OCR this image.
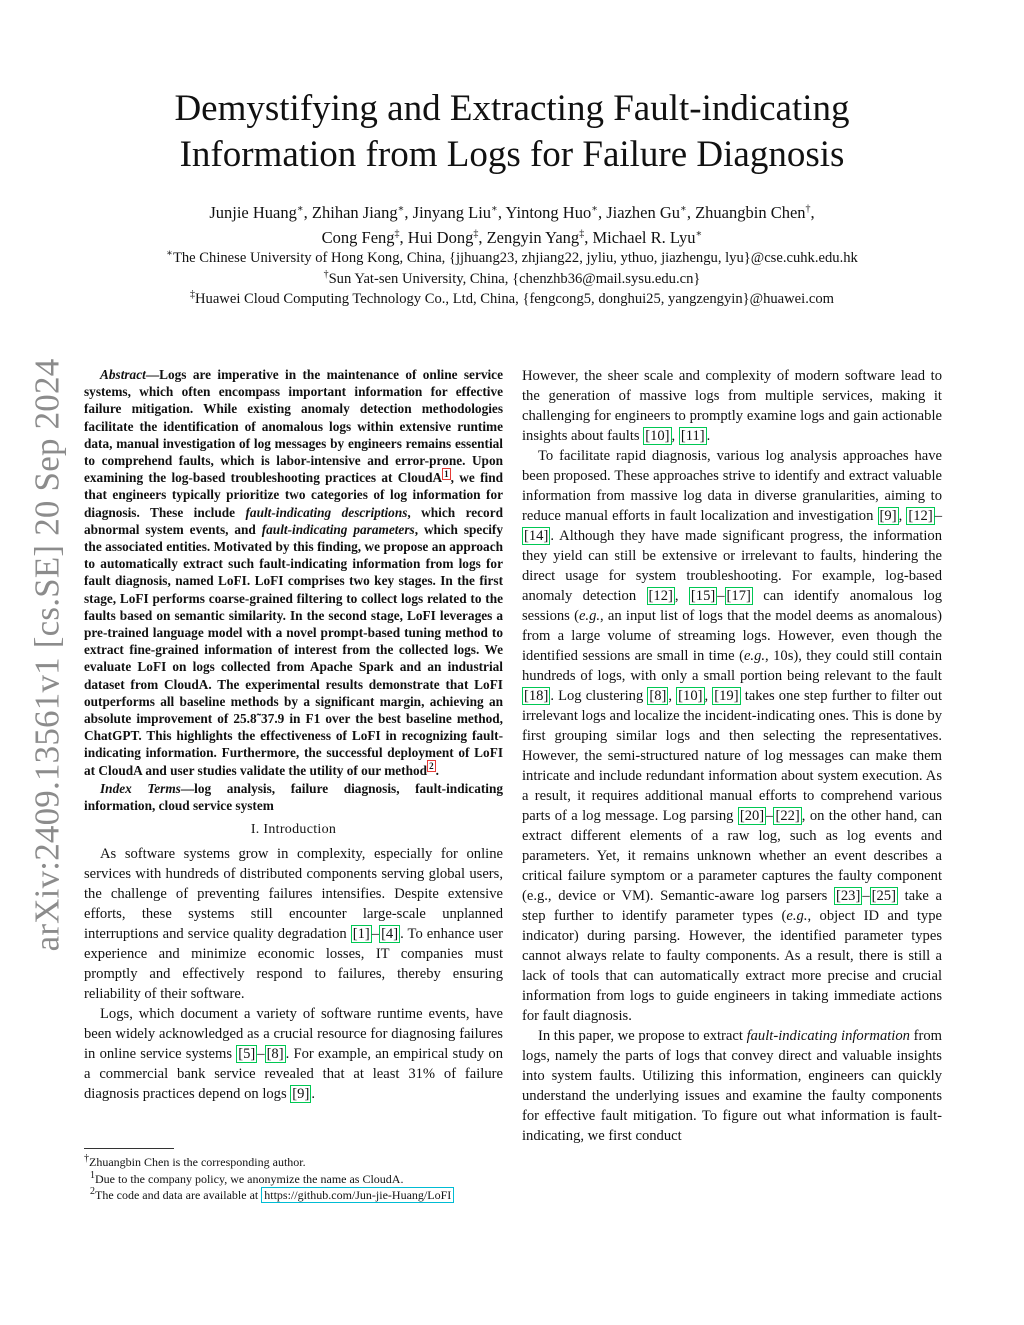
arXiv:2409.13561v1 [cs.SE] 20 Sep 2024
Demystifying and Extracting Fault-indicating
Information from Logs for Failure Diagnosis
Junjie Huang∗, Zhihan Jiang∗, Jinyang Liu∗, Yintong Huo∗, Jiazhen Gu∗, Zhuangbin Chen†,
Cong Feng‡, Hui Dong‡, Zengyin Yang‡, Michael R. Lyu∗
∗The Chinese University of Hong Kong, China, {jjhuang23, zhjiang22, jyliu, ythuo, jiazhengu, lyu}@cse.cuhk.edu.hk
†Sun Yat-sen University, China, {chenzhb36@mail.sysu.edu.cn}
‡Huawei Cloud Computing Technology Co., Ltd, China, {fengcong5, donghui25, yangzengyin}@huawei.com

Abstract—Logs are imperative in the maintenance of online service systems, which often encompass important information for effective failure mitigation. While existing anomaly detection methodologies facilitate the identification of anomalous logs within extensive runtime data, manual investigation of log messages by engineers remains essential to comprehend faults, which is labor-intensive and error-prone. Upon examining the log-based troubleshooting practices at CloudA $^1$ , we find that engineers typically prioritize two categories of log information for diagnosis. These include fault-indicating descriptions, which record abnormal system events, and fault-indicating parameters, which specify the associated entities. Motivated by this finding, we propose an approach to automatically extract such fault-indicating information from logs for fault diagnosis, named LoFI. LoFI comprises two key stages. In the first stage, LoFI performs coarse-grained filtering to collect logs related to the faults based on semantic similarity. In the second stage, LoFI leverages a pre-trained language model with a novel prompt-based tuning method to extract fine-grained information of interest from the collected logs. We evaluate LoFI on logs collected from Apache Spark and an industrial dataset from CloudA. The experimental results demonstrate that LoFI outperforms all baseline methods by a significant margin, achieving an absolute improvement of 25.8˜37.9 in F1 over the best baseline method, ChatGPT. This highlights the effectiveness of LoFI in recognizing fault-indicating information. Furthermore, the successful deployment of LoFI at CloudA and user studies validate the utility of our method $^2$ .

Index Terms—log analysis, failure diagnosis, fault-indicating information, cloud service system

I. Introduction

As software systems grow in complexity, especially for online services with hundreds of distributed components serving global users, the challenge of preventing failures intensifies. Despite extensive efforts, these systems still encounter large-scale unplanned interruptions and service quality degradation [1] – [4] . To enhance user experience and minimize economic losses, IT companies must promptly and effectively respond to failures, thereby ensuring reliability of their software.

Logs, which document a variety of software runtime events, have been widely acknowledged as a crucial resource for diagnosing failures in online service systems [5] – [8] . For example, an empirical study on a commercial bank service revealed that at least 31% of failure diagnosis practices depend on logs [9] .

†Zhuangbin Chen is the corresponding author.
$^1$Due to the company policy, we anonymize the name as CloudA.
$^2$The code and data are available at https://github.com/Jun-jie-Huang/LoFI

However, the sheer scale and complexity of modern software lead to the generation of massive logs from multiple services, making it challenging for engineers to promptly examine logs and gain actionable insights about faults [10] , [11] .

To facilitate rapid diagnosis, various log analysis approaches have been proposed. These approaches strive to identify and extract valuable information from massive log data in diverse granularities, aiming to reduce manual efforts in fault localization and investigation [9] , [12] –[14] . Although they have made significant progress, the information they yield can still be extensive or irrelevant to faults, hindering the direct usage for system troubleshooting. For example, log-based anomaly detection [12] , [15] – [17] can identify anomalous log sessions (e.g., an input list of logs that the model deems as anomalous) from a large volume of streaming logs. However, even though the identified sessions are small in time (e.g., 10s), they could still contain hundreds of logs, with only a small portion being relevant to the fault [18] . Log clustering [8] , [10] , [19] takes one step further to filter out irrelevant logs and localize the incident-indicating ones. This is done by first grouping similar logs and then selecting the representatives. However, the semi-structured nature of log messages can make them intricate and include redundant information about system execution. As a result, it requires additional manual efforts to comprehend various parts of a log message. Log parsing [20] – [22] , on the other hand, can extract different elements of a raw log, such as log events and parameters. Yet, it remains unknown whether an event describes a critical failure symptom or a parameter captures the faulty component (e.g., device or VM). Semantic-aware log parsers [23] – [25] take a step further to identify parameter types (e.g., object ID and type indicator) during parsing. However, the identified parameter types cannot always relate to faulty components. As a result, there is still a lack of tools that can automatically extract more precise and crucial information from logs to guide engineers in taking immediate actions for fault diagnosis.

In this paper, we propose to extract fault-indicating information from logs, namely the parts of logs that convey direct and valuable insights into system faults. Utilizing this information, engineers can quickly understand the underlying issues and examine the faulty components for effective fault mitigation. To figure out what information is fault-indicating, we first conduct
